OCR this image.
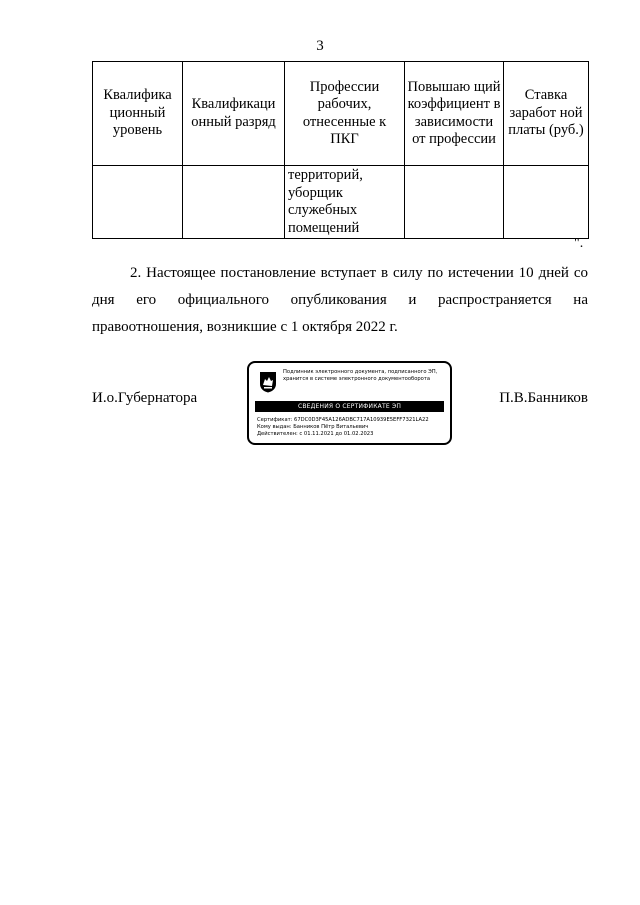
3
Квалифика ционный уровень	Квалификаци онный разряд	Профессии рабочих, отнесенные к ПКГ	Повышаю щий коэффициент в зависимости от профессии	Ставка заработ ной платы (руб.)
		территорий, уборщик служебных помещений		
".
2. Настоящее постановление вступает в силу по истечении 10 дней со дня его официального опубликования и распространяется на правоотношения, возникшие с 1 октября 2022 г.
И.о.Губернатора
Подлинник электронного документа, подписанного ЭП, хранится в системе электронного документооборота
СВЕДЕНИЯ О СЕРТИФИКАТЕ ЭП
Сертификат: 67DC0D3F45A126ADBC717A10939E5EFF7321LA22
Кому выдан: Банников Пётр Витальевич
Действителен: с 01.11.2021 до 01.02.2023
П.В.Банников
